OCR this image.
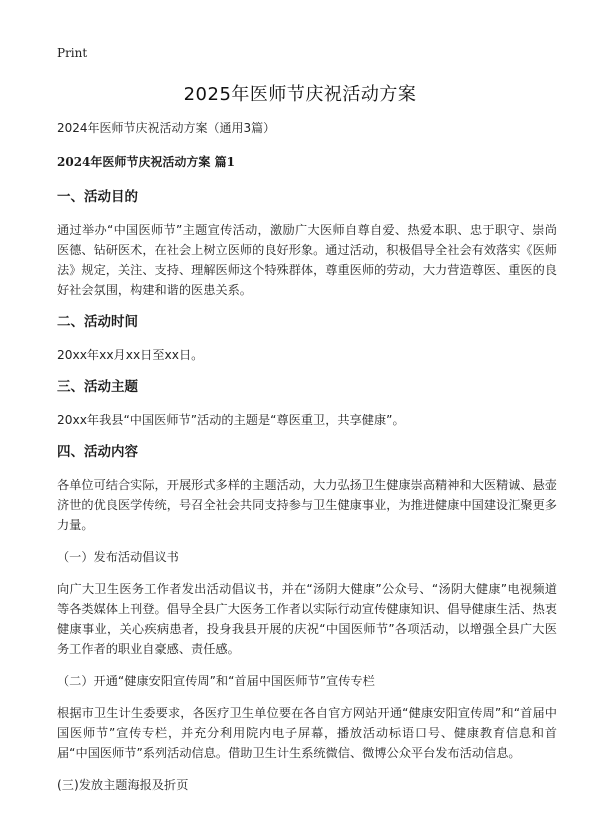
Print
2025年医师节庆祝活动方案
2024年医师节庆祝活动方案（通用3篇）
2024年医师节庆祝活动方案 篇1
一、活动目的
通过举办“中国医师节”主题宣传活动，激励广大医师自尊自爱、热爱本职、忠于职守、崇尚医德、钻研医术，在社会上树立医师的良好形象。通过活动，积极倡导全社会有效落实《医师法》规定，关注、支持、理解医师这个特殊群体，尊重医师的劳动，大力营造尊医、重医的良好社会氛围，构建和谐的医患关系。
二、活动时间
20xx年xx月xx日至xx日。
三、活动主题
20xx年我县“中国医师节”活动的主题是“尊医重卫，共享健康”。
四、活动内容
各单位可结合实际，开展形式多样的主题活动，大力弘扬卫生健康崇高精神和大医精诚、悬壶济世的优良医学传统，号召全社会共同支持参与卫生健康事业，为推进健康中国建设汇聚更多力量。
（一）发布活动倡议书
向广大卫生医务工作者发出活动倡议书，并在“汤阴大健康”公众号、“汤阴大健康”电视频道等各类媒体上刊登。倡导全县广大医务工作者以实际行动宣传健康知识、倡导健康生活、热衷健康事业，关心疾病患者，投身我县开展的庆祝“中国医师节”各项活动，以增强全县广大医务工作者的职业自豪感、责任感。
（二）开通“健康安阳宣传周”和“首届中国医师节”宣传专栏
根据市卫生计生委要求，各医疗卫生单位要在各自官方网站开通“健康安阳宣传周”和“首届中国医师节”宣传专栏，并充分利用院内电子屏幕，播放活动标语口号、健康教育信息和首届“中国医师节”系列活动信息。借助卫生计生系统微信、微博公众平台发布活动信息。
(三)发放主题海报及折页
